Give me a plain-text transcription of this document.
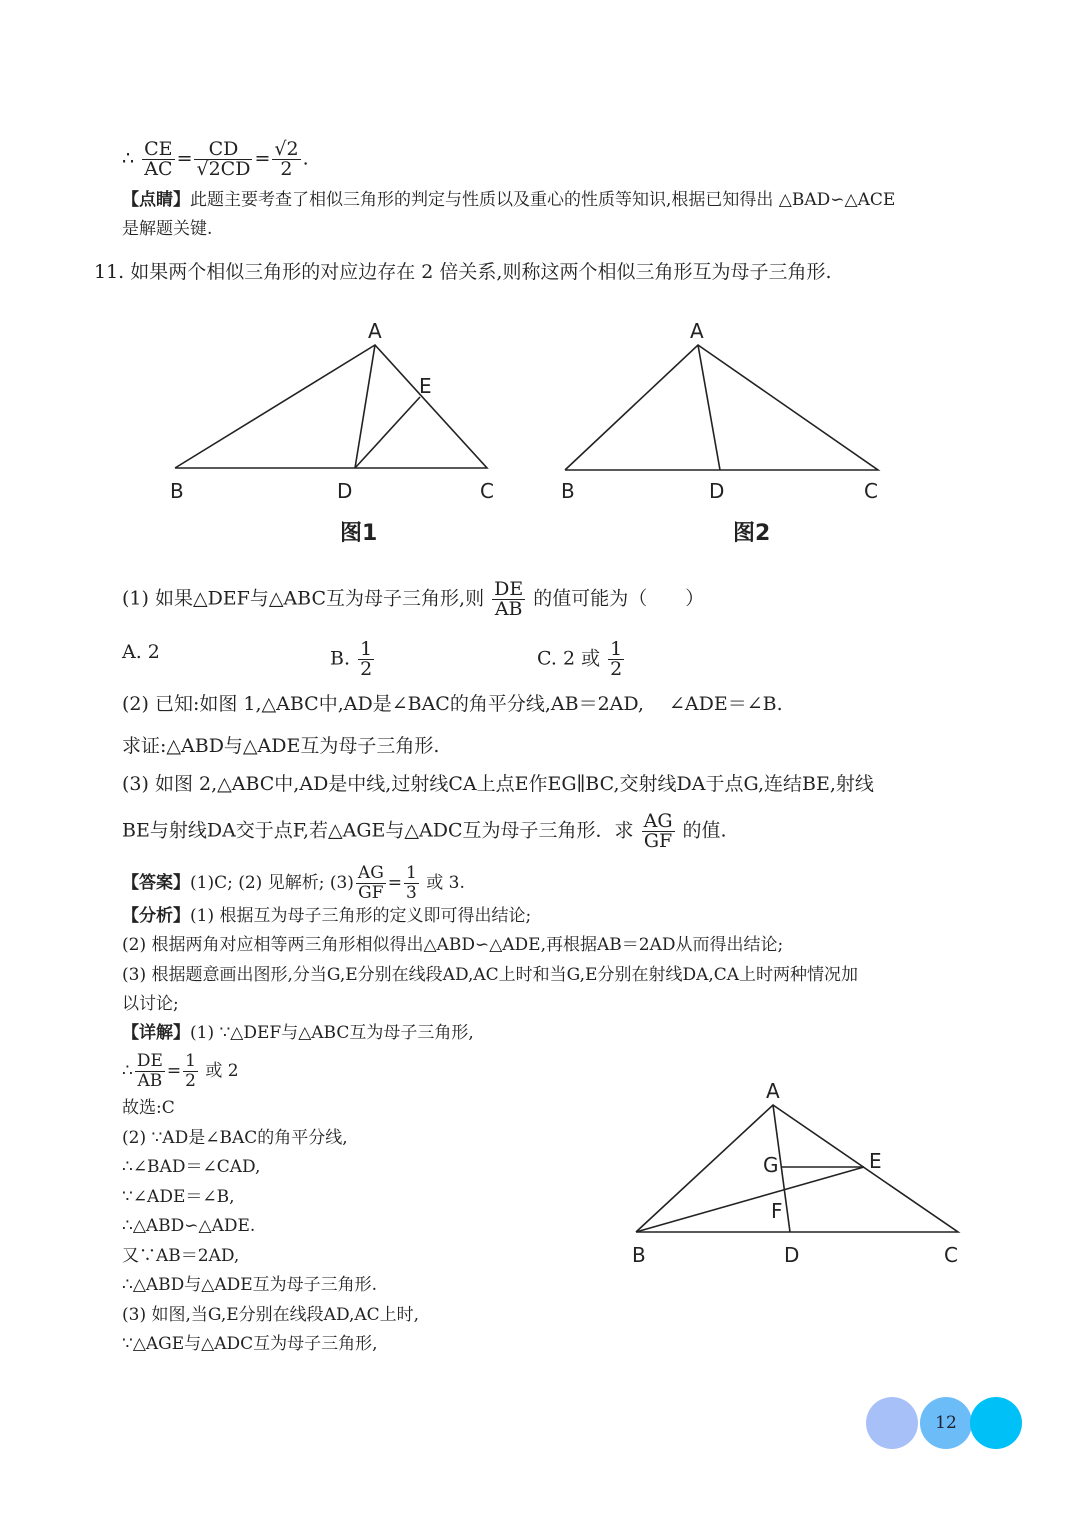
∴ $\frac{CE}{AC} = \frac{CD}{√2CD} = \frac{√2}{2}$ .
【点睛】此题主要考查了相似三角形的判定与性质以及重心的性质等知识,根据已知得出 △BAD∽△ACE
是解题关键.
11. 如果两个相似三角形的对应边存在 2 倍关系,则称这两个相似三角形互为母子三角形.
A
E
B	D	C
A
B	D	C
图1	图2
(1) 如果△DEF与△ABC互为母子三角形,则 $\frac{DE}{AB}$ 的值可能为（　　）
A. 2	B. $\frac{1}{2}$	C. 2 或 $\frac{1}{2}$
(2) 已知:如图 1,△ABC中,AD是∠BAC的角平分线,AB＝2AD,　 ∠ADE＝∠B.
求证:△ABD与△ADE互为母子三角形.
(3) 如图 2,△ABC中,AD是中线,过射线CA上点E作EG∥BC,交射线DA于点G,连结BE,射线
BE与射线DA交于点F,若△AGE与△ADC互为母子三角形．求 $\frac{AG}{GF}$ 的值.
【答案】(1)C; (2) 见解析; $(3) \frac{AG}{GF} = \frac{1}{3}$ 或 3.
【分析】(1) 根据互为母子三角形的定义即可得出结论;
(2) 根据两角对应相等两三角形相似得出△ABD∽△ADE,再根据AB＝2AD从而得出结论;
(3) 根据题意画出图形,分当G,E分别在线段AD,AC上时和当G,E分别在射线DA,CA上时两种情况加
以讨论;
【详解】(1) ∵△DEF与△ABC互为母子三角形,
∴ $\frac{DE}{AB} = \frac{1}{2}$ 或 2
故选:C
(2) ∵AD是∠BAC的角平分线,
∴∠BAD＝∠CAD,
∵∠ADE＝∠B,
∴△ABD∽△ADE.
又∵AB＝2AD,
∴△ABD与△ADE互为母子三角形.
(3) 如图,当G,E分别在线段AD,AC上时,
∵△AGE与△ADC互为母子三角形,
A
G	E
F
B	D	C
12
